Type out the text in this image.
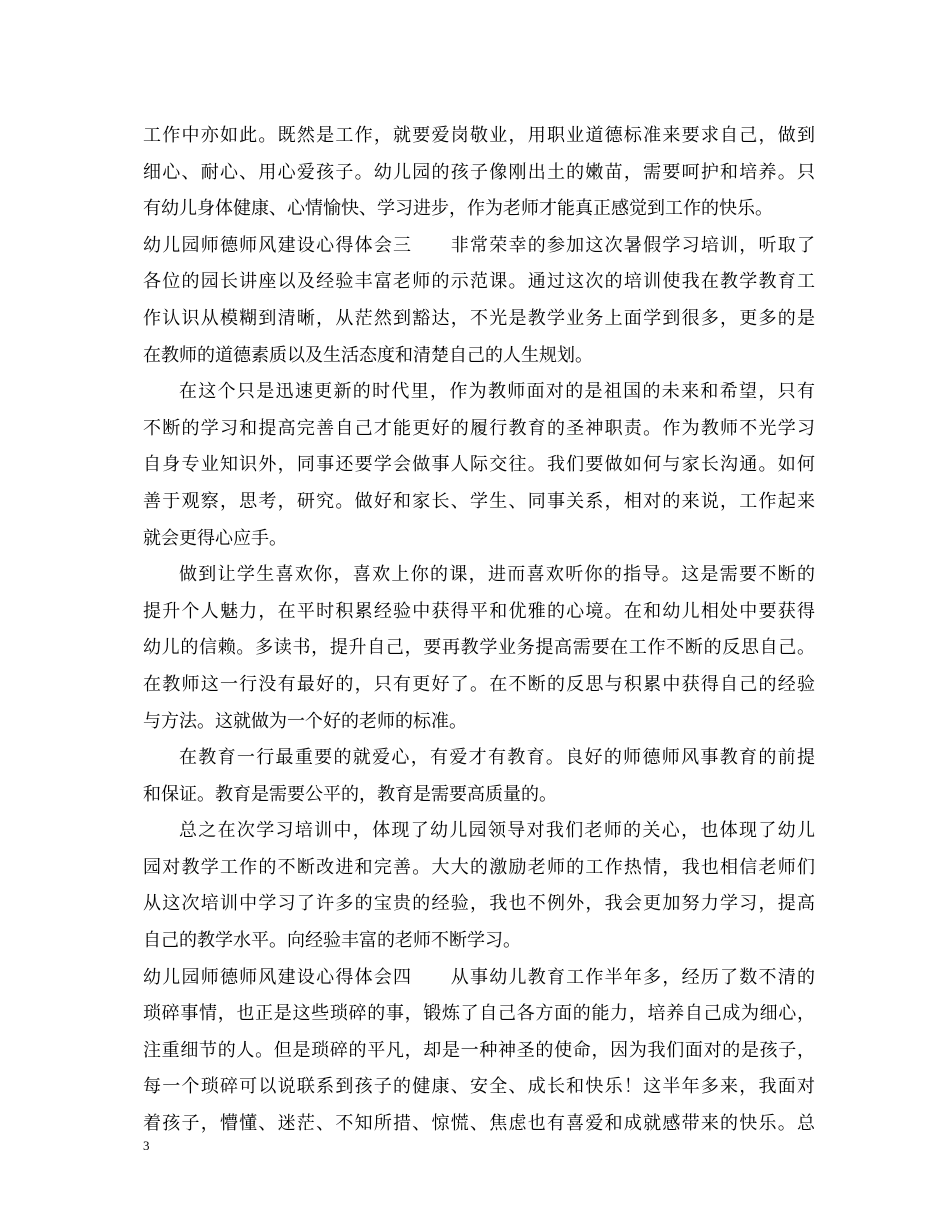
工作中亦如此。既然是工作，就要爱岗敬业，用职业道德标准来要求自己，做到
细心、耐心、用心爱孩子。幼儿园的孩子像刚出土的嫩苗，需要呵护和培养。只
有幼儿身体健康、心情愉快、学习进步，作为老师才能真正感觉到工作的快乐。
幼儿园师德师风建设心得体会三　　非常荣幸的参加这次暑假学习培训，听取了
各位的园长讲座以及经验丰富老师的示范课。通过这次的培训使我在教学教育工
作认识从模糊到清晰，从茫然到豁达，不光是教学业务上面学到很多，更多的是
在教师的道德素质以及生活态度和清楚自己的人生规划。
在这个只是迅速更新的时代里，作为教师面对的是祖国的未来和希望，只有
不断的学习和提高完善自己才能更好的履行教育的圣神职责。作为教师不光学习
自身专业知识外，同事还要学会做事人际交往。我们要做如何与家长沟通。如何
善于观察，思考，研究。做好和家长、学生、同事关系，相对的来说，工作起来
就会更得心应手。
做到让学生喜欢你，喜欢上你的课，进而喜欢听你的指导。这是需要不断的
提升个人魅力，在平时积累经验中获得平和优雅的心境。在和幼儿相处中要获得
幼儿的信赖。多读书，提升自己，要再教学业务提高需要在工作不断的反思自己。
在教师这一行没有最好的，只有更好了。在不断的反思与积累中获得自己的经验
与方法。这就做为一个好的老师的标准。
在教育一行最重要的就爱心，有爱才有教育。良好的师德师风事教育的前提
和保证。教育是需要公平的，教育是需要高质量的。
总之在次学习培训中，体现了幼儿园领导对我们老师的关心，也体现了幼儿
园对教学工作的不断改进和完善。大大的激励老师的工作热情，我也相信老师们
从这次培训中学习了许多的宝贵的经验，我也不例外，我会更加努力学习，提高
自己的教学水平。向经验丰富的老师不断学习。
幼儿园师德师风建设心得体会四　　从事幼儿教育工作半年多，经历了数不清的
琐碎事情，也正是这些琐碎的事，锻炼了自己各方面的能力，培养自己成为细心，
注重细节的人。但是琐碎的平凡，却是一种神圣的使命，因为我们面对的是孩子，
每一个琐碎可以说联系到孩子的健康、安全、成长和快乐！这半年多来，我面对
着孩子，懵懂、迷茫、不知所措、惊慌、焦虑也有喜爱和成就感带来的快乐。总
3
